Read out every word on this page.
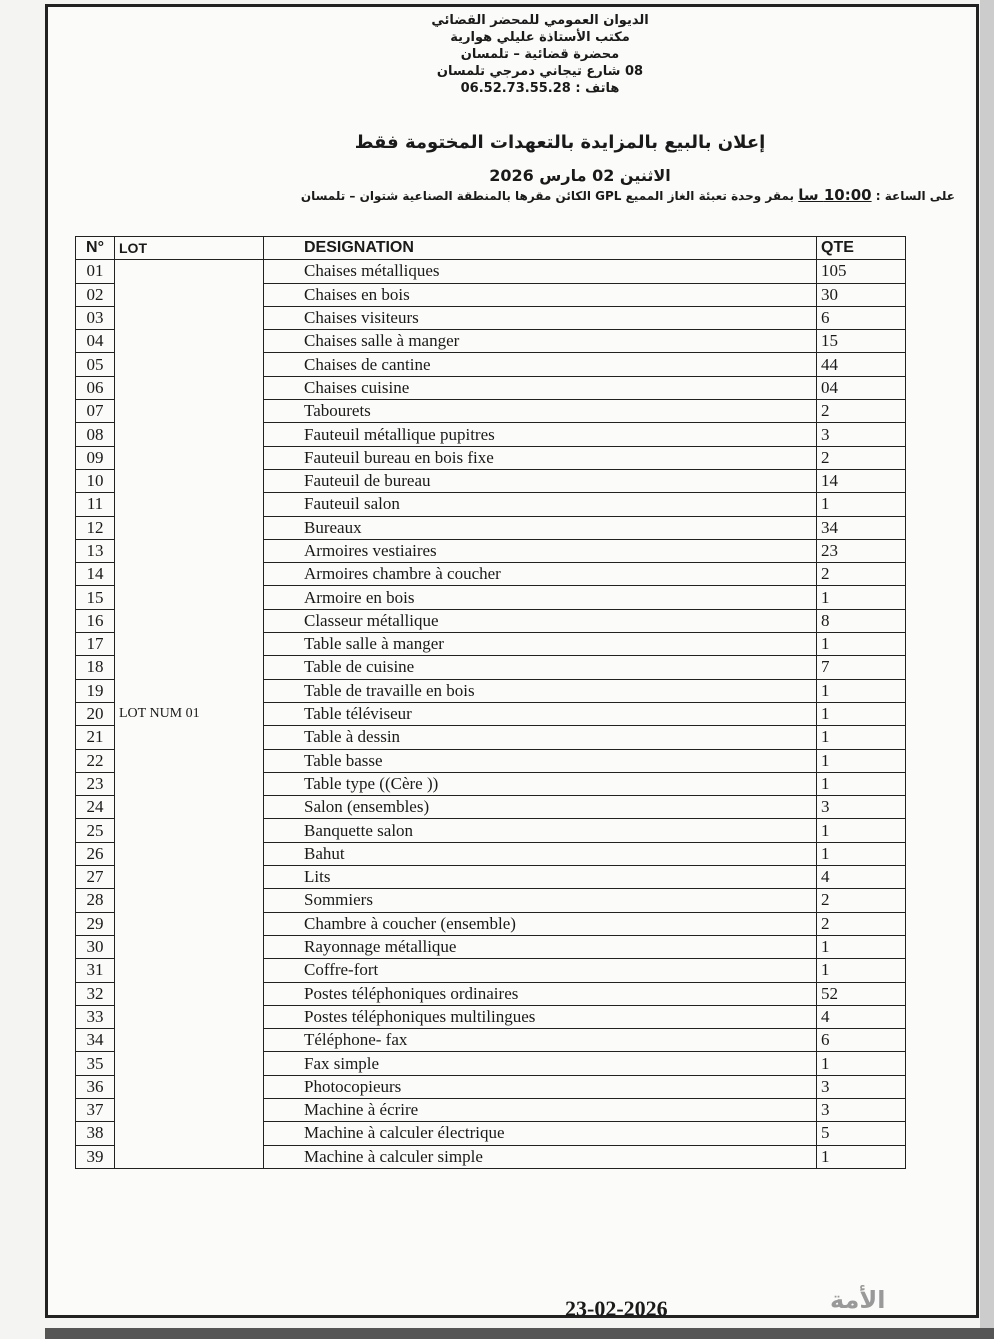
الديوان العمومي للمحضر القضائي
مكتب الأستاذة عليلي هوارية
محضرة قضائية – تلمسان
08 شارع تيجاني دمرجي تلمسان
هاتف : 06.52.73.55.28
إعلان بالبيع بالمزايدة بالتعهدات المختومة فقط
الاثنين 02 مارس 2026
على الساعة : 10:00 سا بمقر وحدة تعبئة الغاز المميع GPL الكائن مقرها بالمنطقة الصناعية شتوان – تلمسان
N°	LOT	DESIGNATION	QTE
01	LOT NUM 01	Chaises métalliques	105
02		Chaises en bois	30
03		Chaises visiteurs	6
04		Chaises salle à manger	15
05		Chaises de cantine	44
06		Chaises cuisine	04
07		Tabourets	2
08		Fauteuil métallique pupitres	3
09		Fauteuil bureau en bois fixe	2
10		Fauteuil de bureau	14
11		Fauteuil salon	1
12		Bureaux	34
13		Armoires vestiaires	23
14		Armoires chambre à coucher	2
15		Armoire en bois	1
16		Classeur métallique	8
17		Table salle à manger	1
18		Table de cuisine	7
19		Table de travaille en bois	1
20		Table téléviseur	1
21		Table à dessin	1
22		Table basse	1
23		Table type ((Cère ))	1
24		Salon (ensembles)	3
25		Banquette salon	1
26		Bahut	1
27		Lits	4
28		Sommiers	2
29		Chambre à coucher (ensemble)	2
30		Rayonnage métallique	1
31		Coffre-fort	1
32		Postes téléphoniques ordinaires	52
33		Postes téléphoniques multilingues	4
34		Téléphone- fax	6
35		Fax simple	1
36		Photocopieurs	3
37		Machine à écrire	3
38		Machine à calculer électrique	5
39		Machine à calculer simple	1
23-02-2026	الأمة
